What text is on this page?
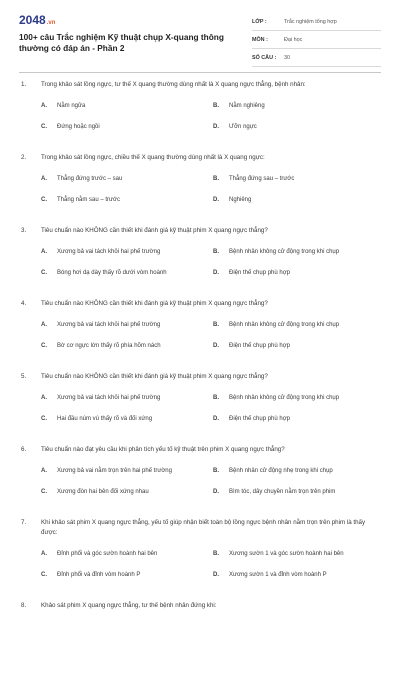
2048.vn
100+ câu Trắc nghiệm Kỹ thuật chụp X-quang thông thường có đáp án - Phần 2
LỚP :	Trắc nghiệm tổng hợp
MÔN :	Đại học
SỐ CÂU :	30
1. Trong khảo sát lồng ngực, tư thế X quang thường dùng nhất là X quang ngực thẳng, bệnh nhân:
A.	Nằm ngửa	B.	Nằm nghiêng
C.	Đứng hoặc ngồi	D.	Ưỡn ngực
2. Trong khảo sát lồng ngực, chiều thế X quang thường dùng nhất là X quang ngực:
A.	Thẳng đứng trước – sau	B.	Thẳng đứng sau – trước
C.	Thẳng nằm sau – trước	D.	Nghiêng
3. Tiêu chuẩn nào KHÔNG cần thiết khi đánh giá kỹ thuật phim X quang ngực thẳng?
A.	Xương bả vai tách khỏi hai phế trường	B.	Bệnh nhân không cử động trong khi chụp
C.	Bóng hơi dạ dày thấy rõ dưới vòm hoành	D.	Điện thế chụp phù hợp
4. Tiêu chuẩn nào KHÔNG cần thiết khi đánh giá kỹ thuật phim X quang ngực thẳng?
A.	Xương bả vai tách khỏi hai phế trường	B.	Bệnh nhân không cử động trong khi chụp
C.	Bờ cơ ngực lớn thấy rõ phía hõm nách	D.	Điện thế chụp phù hợp
5. Tiêu chuẩn nào KHÔNG cần thiết khi đánh giá kỹ thuật phim X quang ngực thẳng?
A.	Xương bả vai tách khỏi hai phế trường	B.	Bệnh nhân không cử động trong khi chụp
C.	Hai đầu núm vú thấy rõ và đối xứng	D.	Điện thế chụp phù hợp
6. Tiêu chuẩn nào đạt yêu cầu khi phân tích yếu tố kỹ thuật trên phim X quang ngực thẳng?
A.	Xương bả vai nằm trọn trên hai phế trường	B.	Bệnh nhân cử động nhẹ trong khi chụp
C.	Xương đòn hai bên đối xứng nhau	D.	Bìm tóc, dây chuyền nằm trọn trên phim
7. Khi khảo sát phim X quang ngực thẳng, yếu tố giúp nhận biết toàn bộ lồng ngực bệnh nhân nằm trọn trên phim là thấy được:
A.	Đỉnh phổi và góc sườn hoành hai bên	B.	Xương sườn 1 và góc sườn hoành hai bên
C.	Đỉnh phổi và đỉnh vòm hoành P	D.	Xương sườn 1 và đỉnh vòm hoành P
8. Khảo sát phim X quang ngực thẳng, tư thế bệnh nhân đứng khi:
